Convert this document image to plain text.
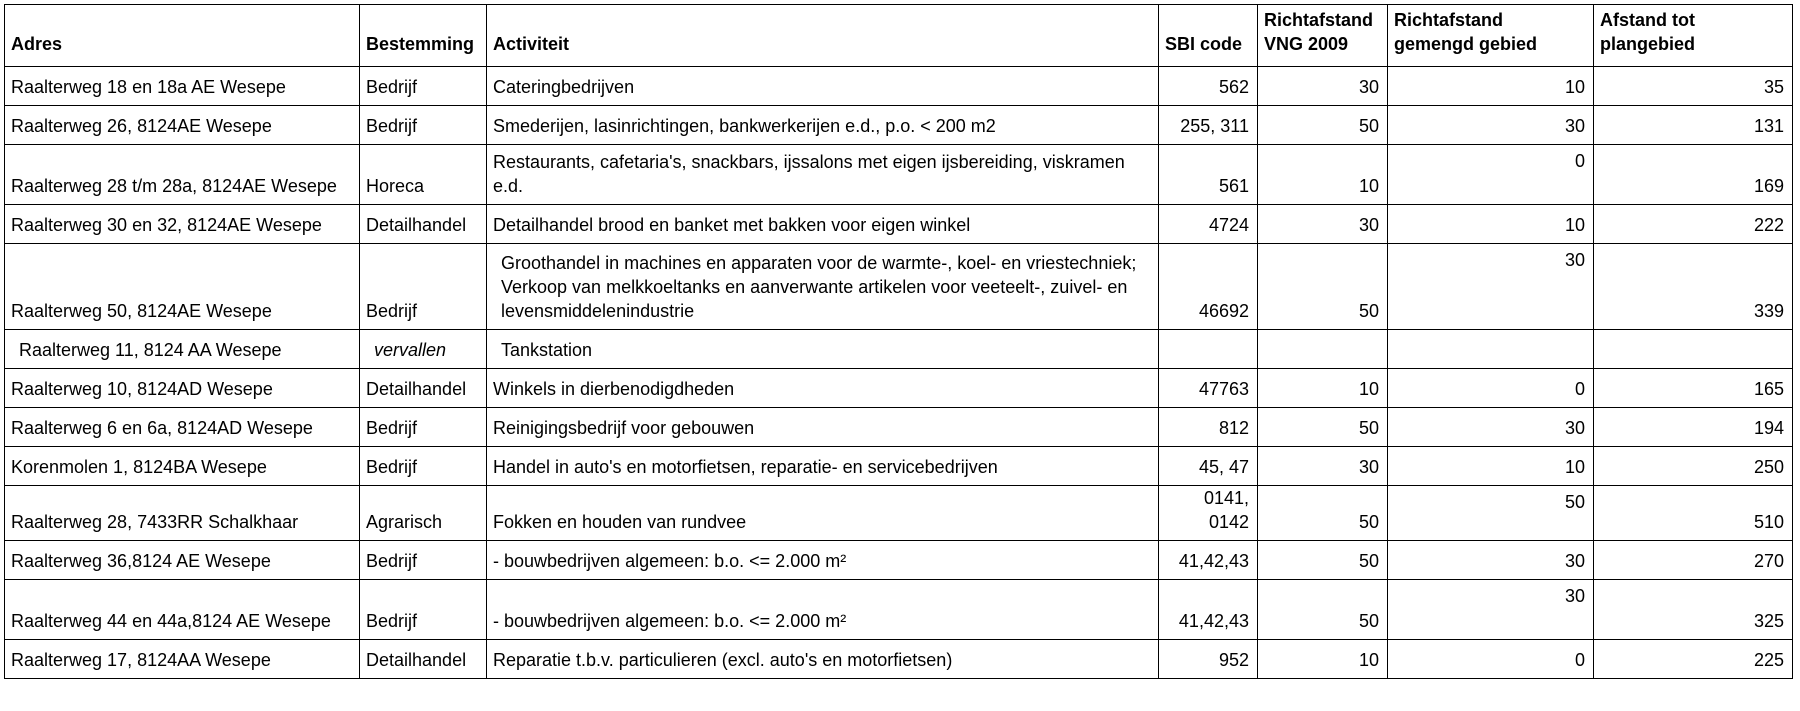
Adres	Bestemming	Activiteit	SBI code	Richtafstand VNG 2009	Richtafstand gemengd gebied	Afstand tot plangebied
Raalterweg 18 en 18a AE Wesepe	Bedrijf	Cateringbedrijven	562	30	10	35
Raalterweg 26, 8124AE Wesepe	Bedrijf	Smederijen, lasinrichtingen, bankwerkerijen e.d., p.o. < 200 m2	255, 311	50	30	131
Raalterweg 28 t/m 28a, 8124AE Wesepe	Horeca	Restaurants, cafetaria's, snackbars, ijssalons met eigen ijsbereiding, viskramen e.d.	561	10	0	169
Raalterweg 30 en 32, 8124AE Wesepe	Detailhandel	Detailhandel brood en banket met bakken voor eigen winkel	4724	30	10	222
Raalterweg 50, 8124AE Wesepe	Bedrijf	Groothandel in machines en apparaten voor de warmte-, koel- en vriestechniek; Verkoop van melkkoeltanks en aanverwante artikelen voor veeteelt-, zuivel- en levensmiddelenindustrie	46692	50	30	339
Raalterweg 11, 8124 AA Wesepe	vervallen	Tankstation				
Raalterweg 10, 8124AD Wesepe	Detailhandel	Winkels in dierbenodigdheden	47763	10	0	165
Raalterweg 6 en 6a, 8124AD Wesepe	Bedrijf	Reinigingsbedrijf voor gebouwen	812	50	30	194
Korenmolen 1, 8124BA Wesepe	Bedrijf	Handel in auto's en motorfietsen, reparatie- en servicebedrijven	45, 47	30	10	250
Raalterweg 28, 7433RR Schalkhaar	Agrarisch	Fokken en houden van rundvee	0141, 0142	50	50	510
Raalterweg 36,8124 AE Wesepe	Bedrijf	- bouwbedrijven algemeen: b.o. <= 2.000 m²	41,42,43	50	30	270
Raalterweg 44 en 44a,8124 AE Wesepe	Bedrijf	- bouwbedrijven algemeen: b.o. <= 2.000 m²	41,42,43	50	30	325
Raalterweg 17, 8124AA Wesepe	Detailhandel	Reparatie t.b.v. particulieren (excl. auto's en motorfietsen)	952	10	0	225
